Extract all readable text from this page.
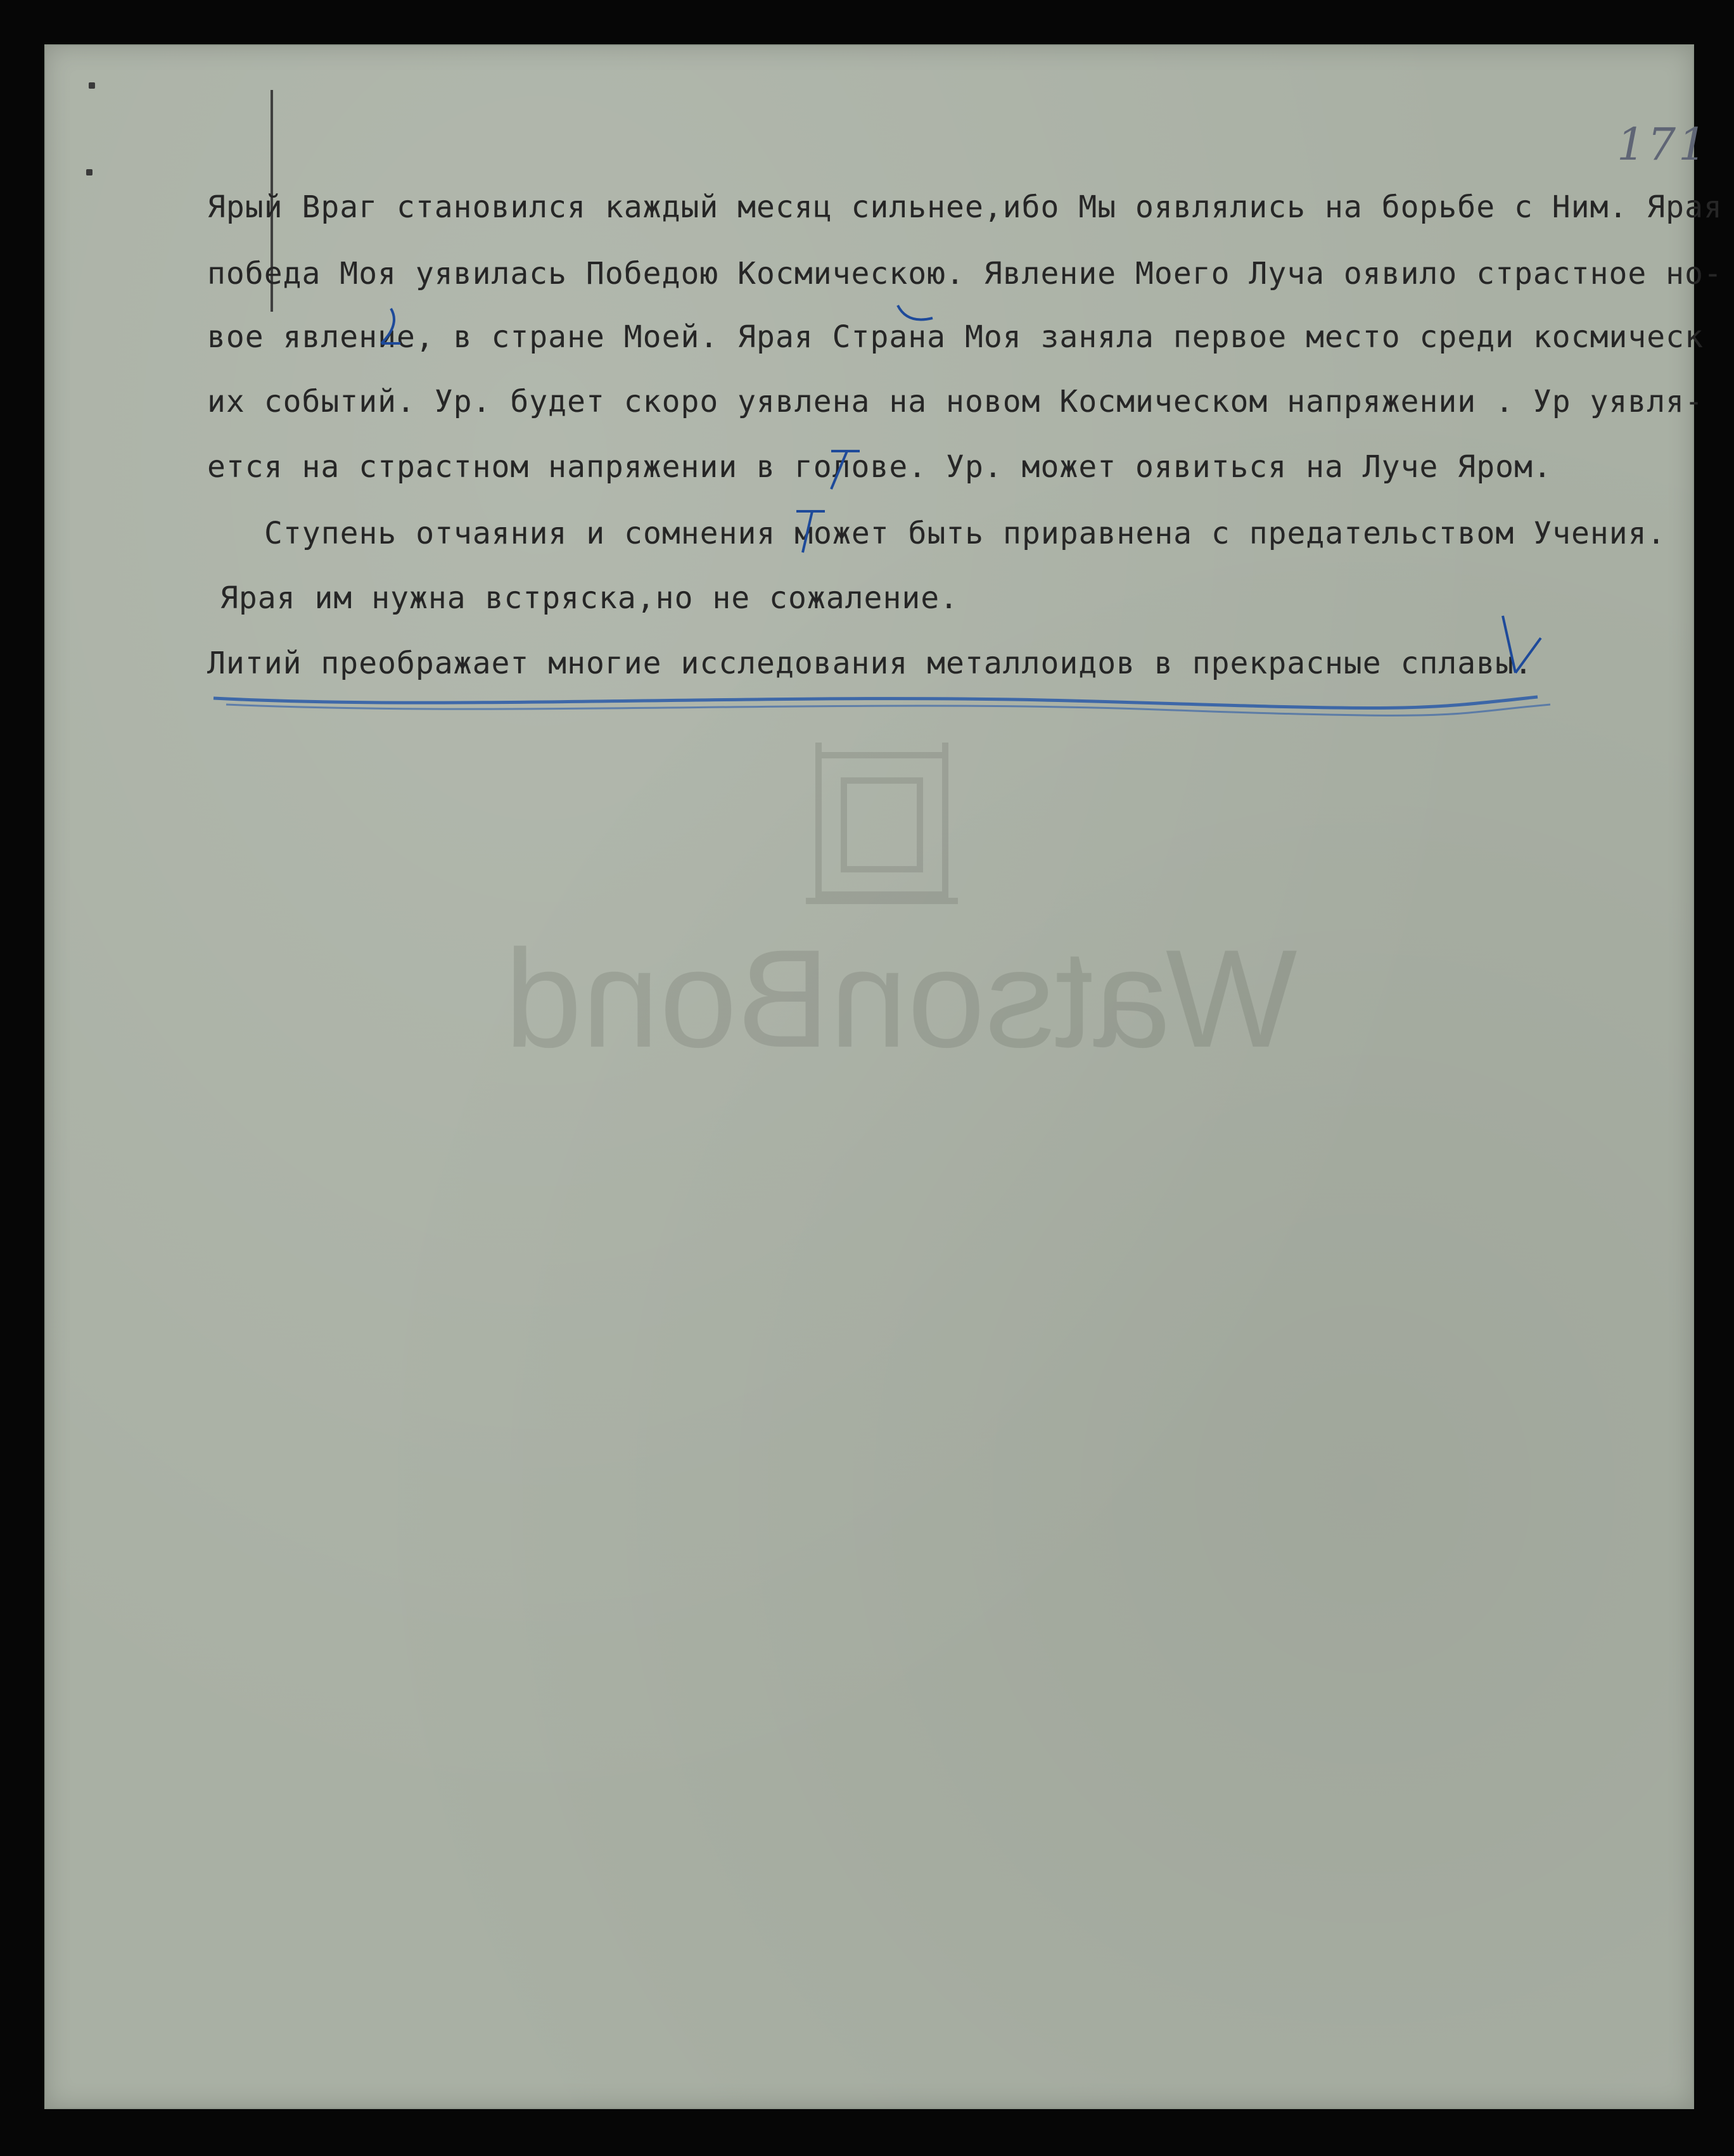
171
Ярый Враг становился каждый месяц сильнее,ибо Мы оявлялись на борьбе с Ним. Ярая
победа Моя уявилась Победою Космическою. Явление Моего Луча оявило страстное но-
вое явление, в стране Моей. Ярая Страна Моя заняла первое место среди космическ
их событий. Ур. будет скоро уявлена на новом Космическом напряжении . Ур уявля-
ется на страстном напряжении в голове. Ур. может оявиться на Луче Яром.
Ступень отчаяния и сомнения может быть приравнена с предательством Учения.
Ярая им нужна встряска,но не сожаление.
Литий преображает многие исследования металлоидов в прекрасные сплавы.
WatsonBond
